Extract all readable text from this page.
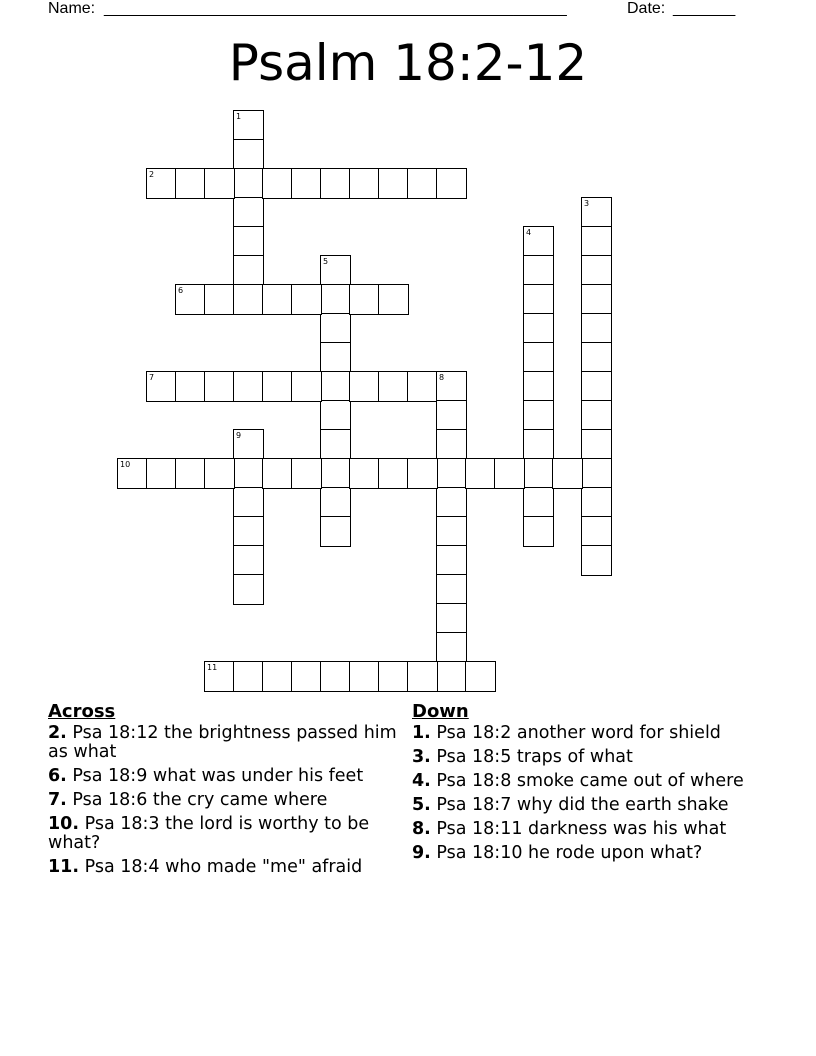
Name: ____________________________________________________	Date: _______
Psalm 18:2-12
1
2
3
4
5
6
7	8
9
10
11
Across
2. Psa 18:12 the brightness passed him as what
6. Psa 18:9 what was under his feet
7. Psa 18:6 the cry came where
10. Psa 18:3 the lord is worthy to be what?
11. Psa 18:4 who made "me" afraid
Down
1. Psa 18:2 another word for shield
3. Psa 18:5 traps of what
4. Psa 18:8 smoke came out of where
5. Psa 18:7 why did the earth shake
8. Psa 18:11 darkness was his what
9. Psa 18:10 he rode upon what?
